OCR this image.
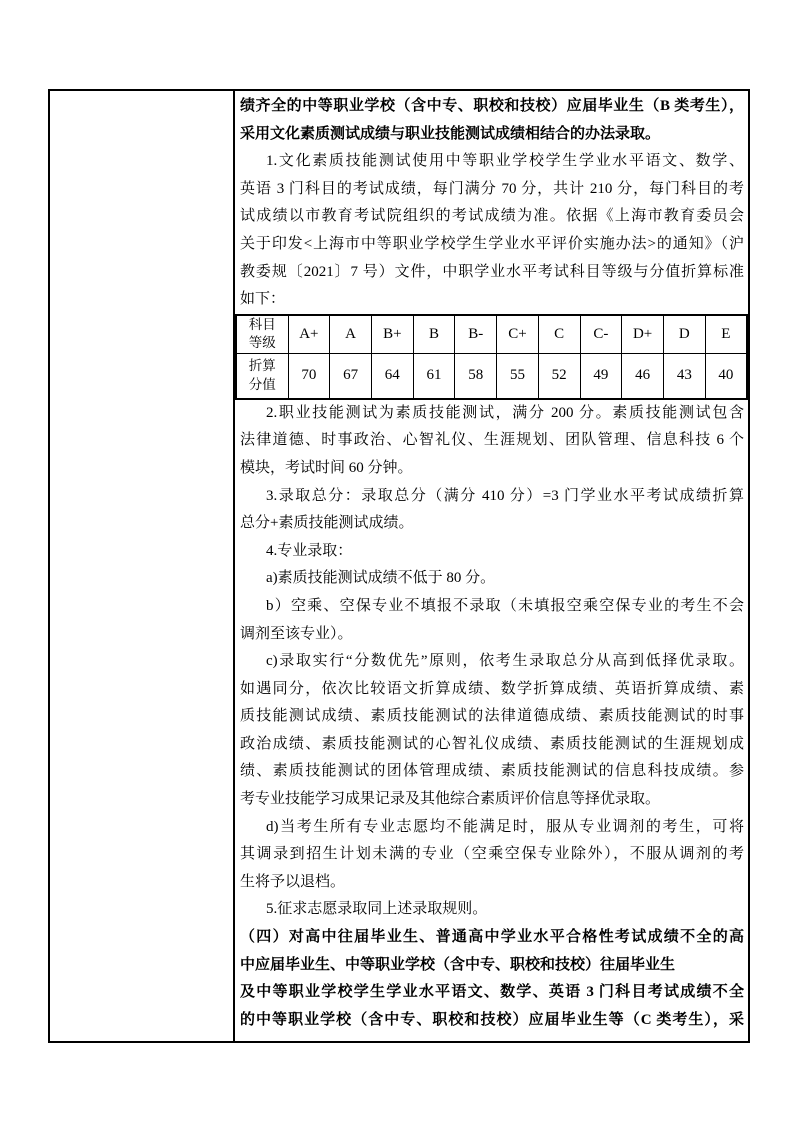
绩齐全的中等职业学校（含中专、职校和技校）应届毕业生（B 类考生），
采用文化素质测试成绩与职业技能测试成绩相结合的办法录取。
1.文化素质技能测试使用中等职业学校学生学业水平语文、数学、
英语 3 门科目的考试成绩，每门满分 70 分，共计 210 分，每门科目的考
试成绩以市教育考试院组织的考试成绩为准。依据《上海市教育委员会
关于印发<上海市中等职业学校学生学业水平评价实施办法>的通知》（沪
教委规〔2021〕7 号）文件，中职学业水平考试科目等级与分值折算标准
如下：
科目
等级	A+	A	B+	B	B-	C+	C	C-	D+	D	E

折算
分值	70	67	64	61	58	55	52	49	46	43	40
2.职业技能测试为素质技能测试，满分 200 分。素质技能测试包含
法律道德、时事政治、心智礼仪、生涯规划、团队管理、信息科技 6 个
模块，考试时间 60 分钟。
3.录取总分：录取总分（满分 410 分）=3 门学业水平考试成绩折算
总分+素质技能测试成绩。
4.专业录取：
a)素质技能测试成绩不低于 80 分。
b）空乘、空保专业不填报不录取（未填报空乘空保专业的考生不会
调剂至该专业）。
c)录取实行“分数优先”原则，依考生录取总分从高到低择优录取。
如遇同分，依次比较语文折算成绩、数学折算成绩、英语折算成绩、素
质技能测试成绩、素质技能测试的法律道德成绩、素质技能测试的时事
政治成绩、素质技能测试的心智礼仪成绩、素质技能测试的生涯规划成
绩、素质技能测试的团体管理成绩、素质技能测试的信息科技成绩。参
考专业技能学习成果记录及其他综合素质评价信息等择优录取。
d)当考生所有专业志愿均不能满足时，服从专业调剂的考生，可将
其调录到招生计划未满的专业（空乘空保专业除外），不服从调剂的考
生将予以退档。
5.征求志愿录取同上述录取规则。
（四）对高中往届毕业生、普通高中学业水平合格性考试成绩不全的高
中应届毕业生、中等职业学校（含中专、职校和技校）往届毕业生
及中等职业学校学生学业水平语文、数学、英语 3 门科目考试成绩不全
的中等职业学校（含中专、职校和技校）应届毕业生等（C 类考生），采
